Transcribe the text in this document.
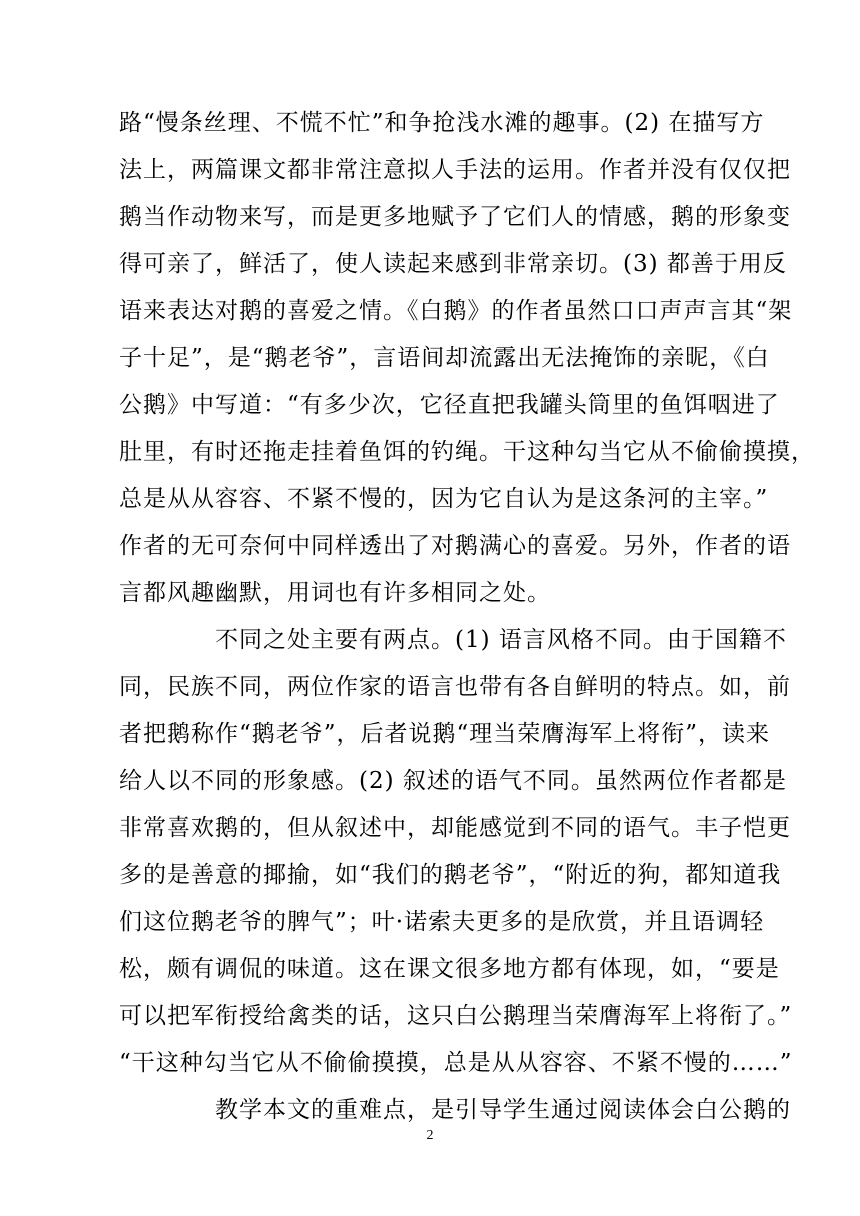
路“慢条丝理、不慌不忙”和争抢浅水滩的趣事。(2) 在描写方
法上，两篇课文都非常注意拟人手法的运用。作者并没有仅仅把
鹅当作动物来写，而是更多地赋予了它们人的情感，鹅的形象变
得可亲了，鲜活了，使人读起来感到非常亲切。(3) 都善于用反
语来表达对鹅的喜爱之情。《白鹅》的作者虽然口口声声言其“架
子十足”，是“鹅老爷”，言语间却流露出无法掩饰的亲昵，《白
公鹅》中写道：“有多少次，它径直把我罐头筒里的鱼饵咽进了
肚里，有时还拖走挂着鱼饵的钓绳。干这种勾当它从不偷偷摸摸，
总是从从容容、不紧不慢的，因为它自认为是这条河的主宰。”
作者的无可奈何中同样透出了对鹅满心的喜爱。另外，作者的语
言都风趣幽默，用词也有许多相同之处。

不同之处主要有两点。(1) 语言风格不同。由于国籍不
同，民族不同，两位作家的语言也带有各自鲜明的特点。如，前
者把鹅称作“鹅老爷”，后者说鹅“理当荣膺海军上将衔”，读来
给人以不同的形象感。(2) 叙述的语气不同。虽然两位作者都是
非常喜欢鹅的，但从叙述中，却能感觉到不同的语气。丰子恺更
多的是善意的揶揄，如“我们的鹅老爷”，“附近的狗，都知道我
们这位鹅老爷的脾气”；叶·诺索夫更多的是欣赏，并且语调轻
松，颇有调侃的味道。这在课文很多地方都有体现，如，“要是
可以把军衔授给禽类的话，这只白公鹅理当荣膺海军上将衔了。”
“干这种勾当它从不偷偷摸摸，总是从从容容、不紧不慢的……”

教学本文的重难点，是引导学生通过阅读体会白公鹅的

2
